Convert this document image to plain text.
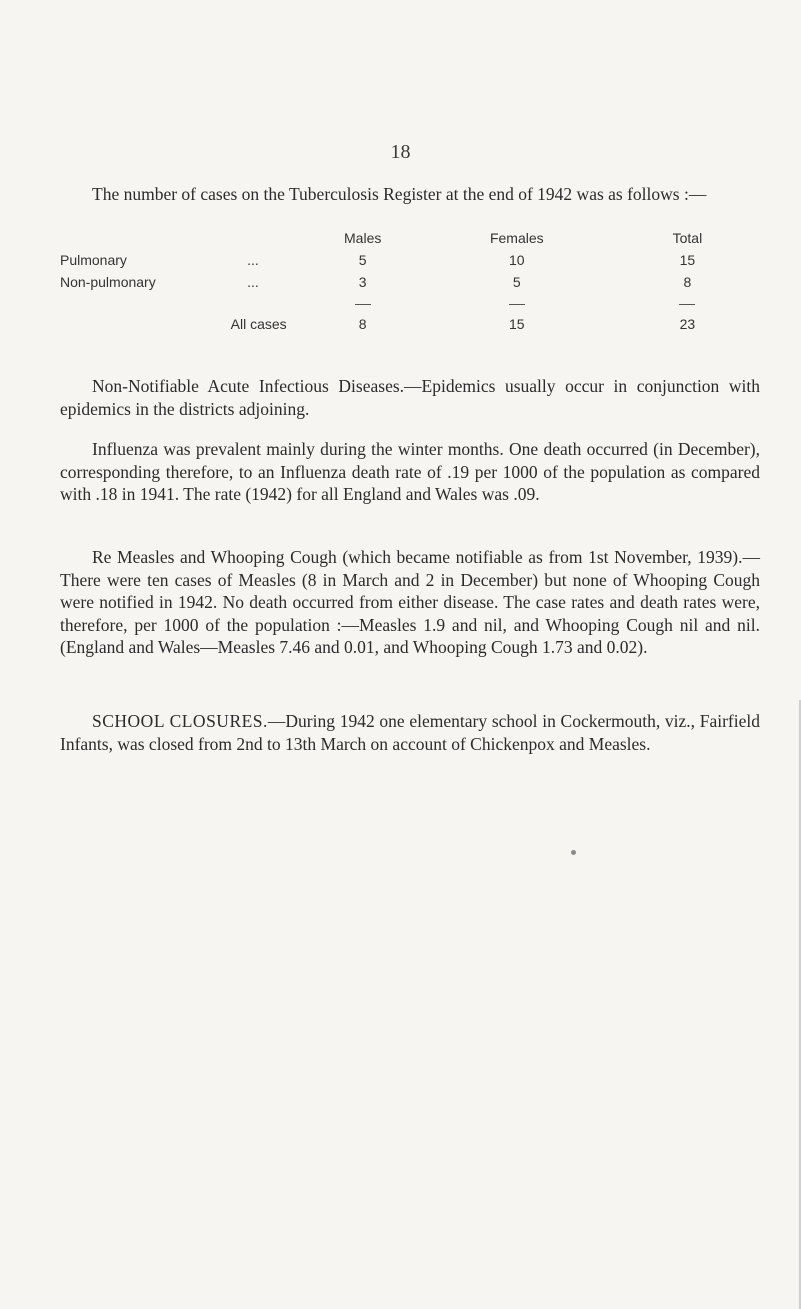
18

The number of cases on the Tuberculosis Register at the end of 1942 was as follows :—

		Males	Females	Total
Pulmonary	...	5	10	15
Non-pulmonary	...	3	5	8

All cases		8	15	23

Non-Notifiable Acute Infectious Diseases.—Epidemics usually occur in conjunction with epidemics in the districts adjoining.

Influenza was prevalent mainly during the winter months. One death occurred (in December), corresponding therefore, to an Influenza death rate of .19 per 1000 of the population as compared with .18 in 1941. The rate (1942) for all England and Wales was .09.

Re Measles and Whooping Cough (which became notifiable as from 1st November, 1939).—There were ten cases of Measles (8 in March and 2 in December) but none of Whooping Cough were notified in 1942. No death occurred from either disease. The case rates and death rates were, therefore, per 1000 of the population :—Measles 1.9 and nil, and Whooping Cough nil and nil. (England and Wales—Measles 7.46 and 0.01, and Whooping Cough 1.73 and 0.02).

SCHOOL CLOSURES.—During 1942 one elementary school in Cockermouth, viz., Fairfield Infants, was closed from 2nd to 13th March on account of Chickenpox and Measles.
